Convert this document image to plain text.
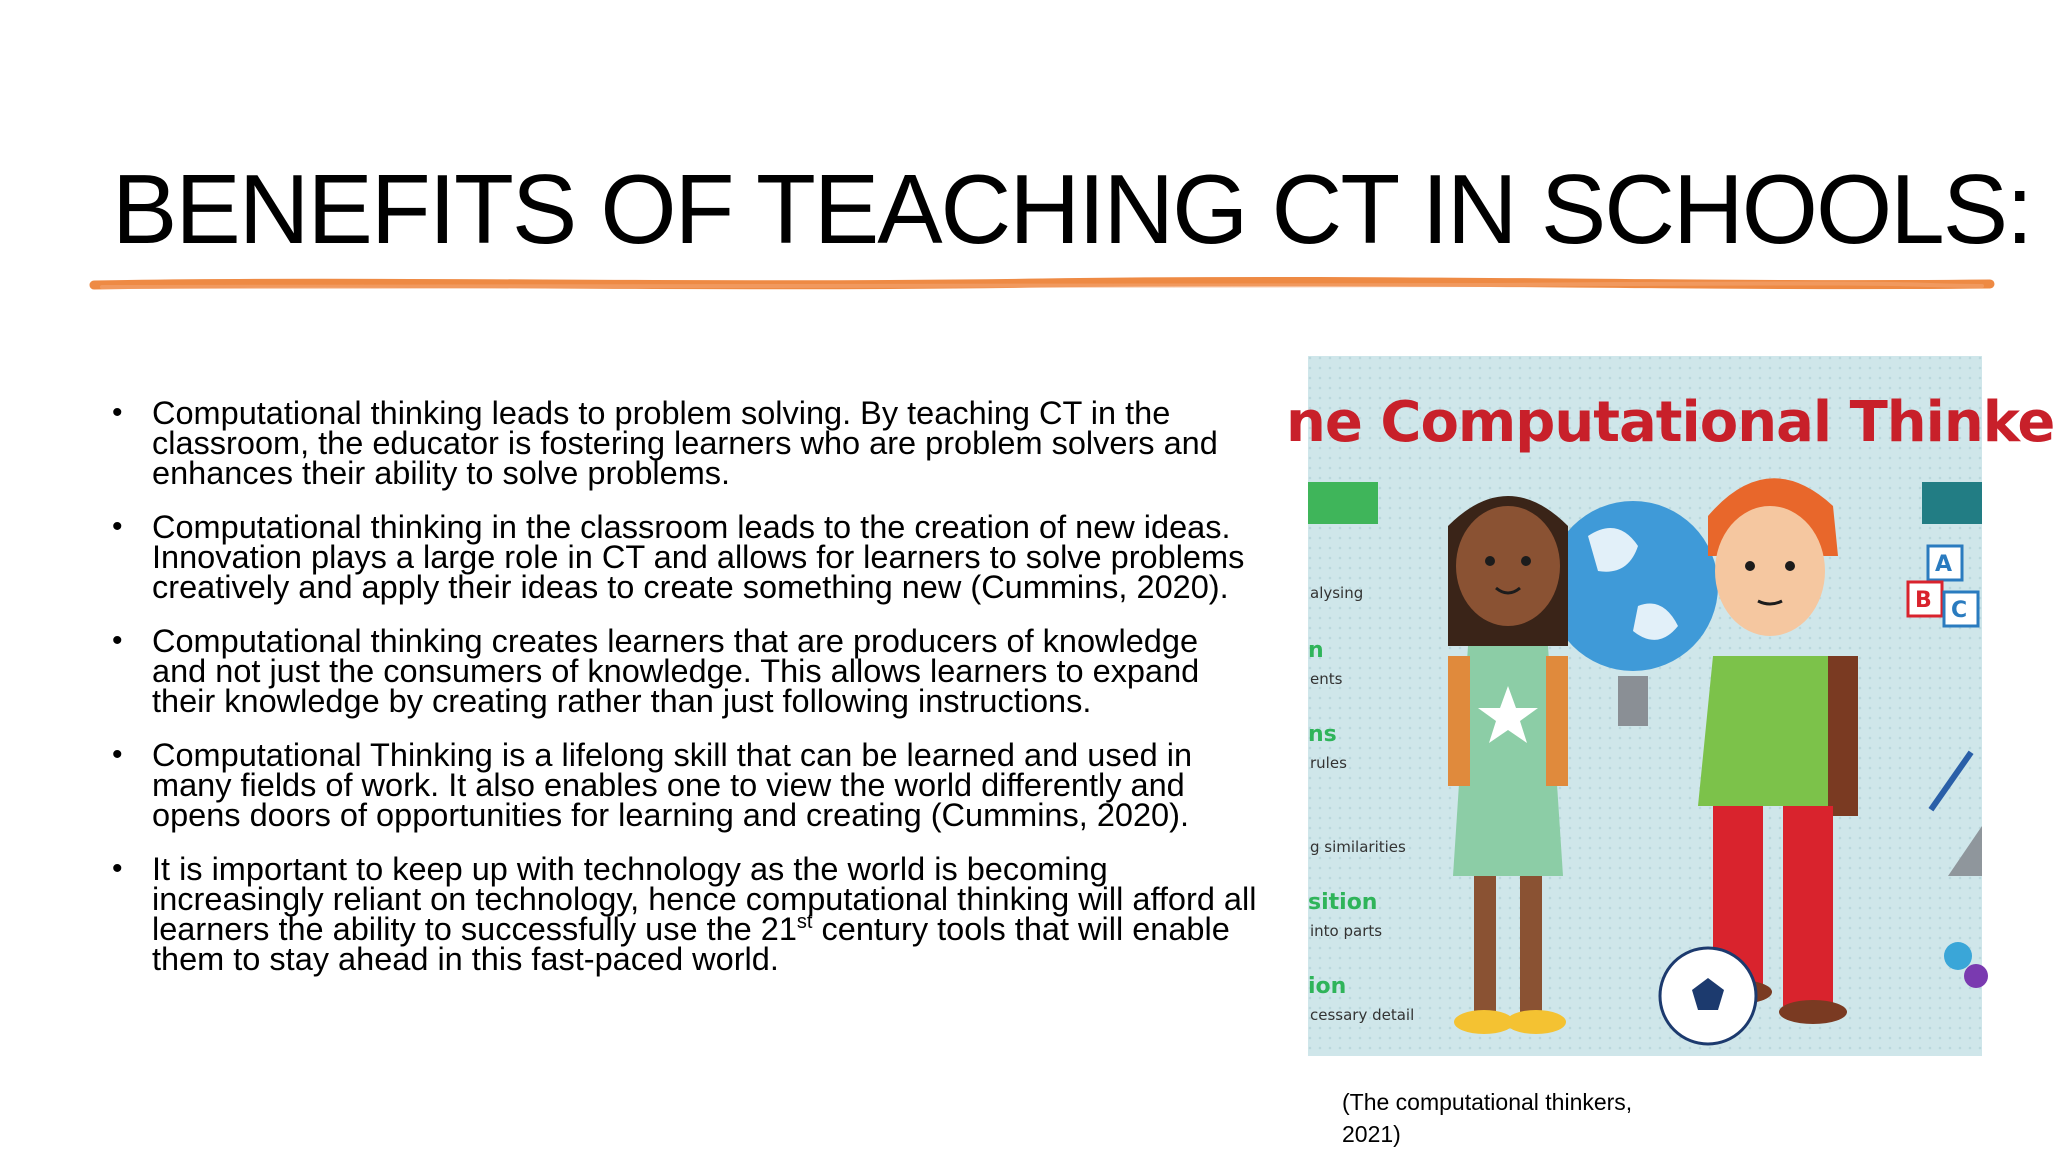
BENEFITS OF TEACHING CT IN SCHOOLS:
• Computational thinking leads to problem solving. By teaching CT in the classroom, the educator is fostering learners who are problem solvers and enhances their ability to solve problems.
• Computational thinking in the classroom leads to the creation of new ideas. Innovation plays a large role in CT and allows for learners to solve problems creatively and apply their ideas to create something new (Cummins, 2020).
• Computational thinking creates learners that are producers of knowledge and not just the consumers of knowledge. This allows learners to expand their knowledge by creating rather than just following instructions.
• Computational Thinking is a lifelong skill that can be learned and used in many fields of work. It also enables one to view the world differently and opens doors of opportunities for learning and creating (Cummins, 2020).
• It is important to keep up with technology as the world is becoming increasingly reliant on technology, hence computational thinking will afford all learners the ability to successfully use the 21st century tools that will enable them to stay ahead in this fast-paced world.
ne Computational Thinke
alysing
n
ents
ns
rules
g similarities
sition
into parts
ion
cessary detail
A
B C
(The computational thinkers, 2021)
